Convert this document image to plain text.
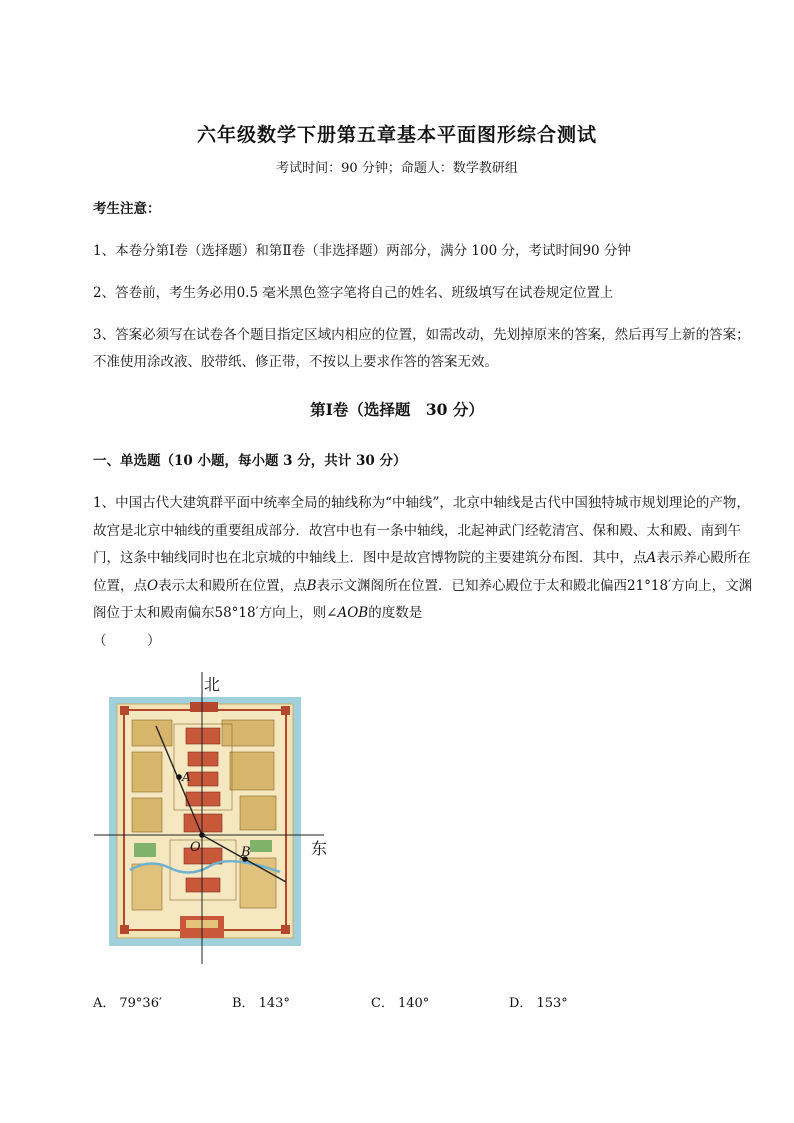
六年级数学下册第五章基本平面图形综合测试
考试时间：90 分钟；命题人：数学教研组
考生注意：
1、本卷分第Ⅰ卷（选择题）和第Ⅱ卷（非选择题）两部分，满分 100 分，考试时间90 分钟
2、答卷前，考生务必用0.5 毫米黑色签字笔将自己的姓名、班级填写在试卷规定位置上
3、答案必须写在试卷各个题目指定区域内相应的位置，如需改动，先划掉原来的答案，然后再写上新的答案；不准使用涂改液、胶带纸、修正带，不按以上要求作答的答案无效。
第Ⅰ卷（选择题　30 分）
一、单选题（10 小题，每小题 3 分，共计 30 分）
1、中国古代大建筑群平面中统率全局的轴线称为“中轴线”，北京中轴线是古代中国独特城市规划理论的产物，故宫是北京中轴线的重要组成部分．故宫中也有一条中轴线，北起神武门经乾清宫、保和殿、太和殿、南到午门，这条中轴线同时也在北京城的中轴线上．图中是故宫博物院的主要建筑分布图．其中，点A表示养心殿所在位置，点O表示太和殿所在位置，点B表示文渊阁所在位置．已知养心殿位于太和殿北偏西21°18′方向上，文渊阁位于太和殿南偏东58°18′方向上，则∠AOB的度数是
（　　　）
北
东
A
O	B
A． 79°36′	B． 143°	C． 140°	D． 153°
